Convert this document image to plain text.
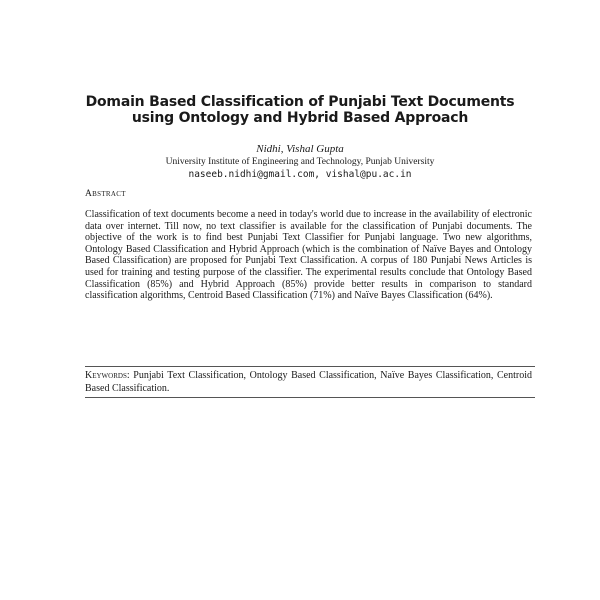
Domain Based Classification of Punjabi Text Documents
using Ontology and Hybrid Based Approach
Nidhi, Vishal Gupta
University Institute of Engineering and Technology, Punjab University
naseeb.nidhi@gmail.com, vishal@pu.ac.in
Abstract

Classification of text documents become a need in today's world due to increase in the availability of electronic data over internet. Till now, no text classifier is available for the classification of Punjabi documents. The objective of the work is to find best Punjabi Text Classifier for Punjabi language. Two new algorithms, Ontology Based Classification and Hybrid Approach (which is the combination of Naïve Bayes and Ontology Based Classification) are proposed for Punjabi Text Classification. A corpus of 180 Punjabi News Articles is used for training and testing purpose of the classifier. The experimental results conclude that Ontology Based Classification (85%) and Hybrid Approach (85%) provide better results in comparison to standard classification algorithms, Centroid Based Classification (71%) and Naïve Bayes Classification (64%).

Keywords: Punjabi Text Classification, Ontology Based Classification, Naïve Bayes Classification, Centroid Based Classification.
